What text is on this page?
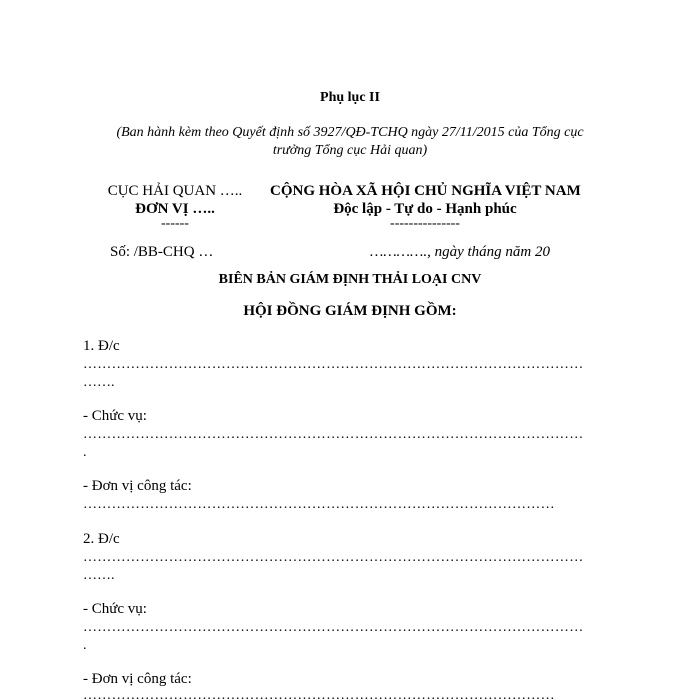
Phụ lục II
(Ban hành kèm theo Quyết định số 3927/QĐ-TCHQ ngày 27/11/2015 của Tổng cục
trưởng Tổng cục Hải quan)
CỤC HẢI QUAN …..
ĐƠN VỊ …..
------
Số: /BB-CHQ …
CỘNG HÒA XÃ HỘI CHỦ NGHĨA VIỆT NAM
Độc lập - Tự do - Hạnh phúc
---------------
…………., ngày tháng năm 20
BIÊN BẢN GIÁM ĐỊNH THẢI LOẠI CNV
HỘI ĐỒNG GIÁM ĐỊNH GỒM:
1. Đ/c
……………………………………………………………………………………………
…….
- Chức vụ:
……………………………………………………………………………………………
.
- Đơn vị công tác:
………………………………………………………………………………………
2. Đ/c
……………………………………………………………………………………………
…….
- Chức vụ:
……………………………………………………………………………………………
.
- Đơn vị công tác:
………………………………………………………………………………………
